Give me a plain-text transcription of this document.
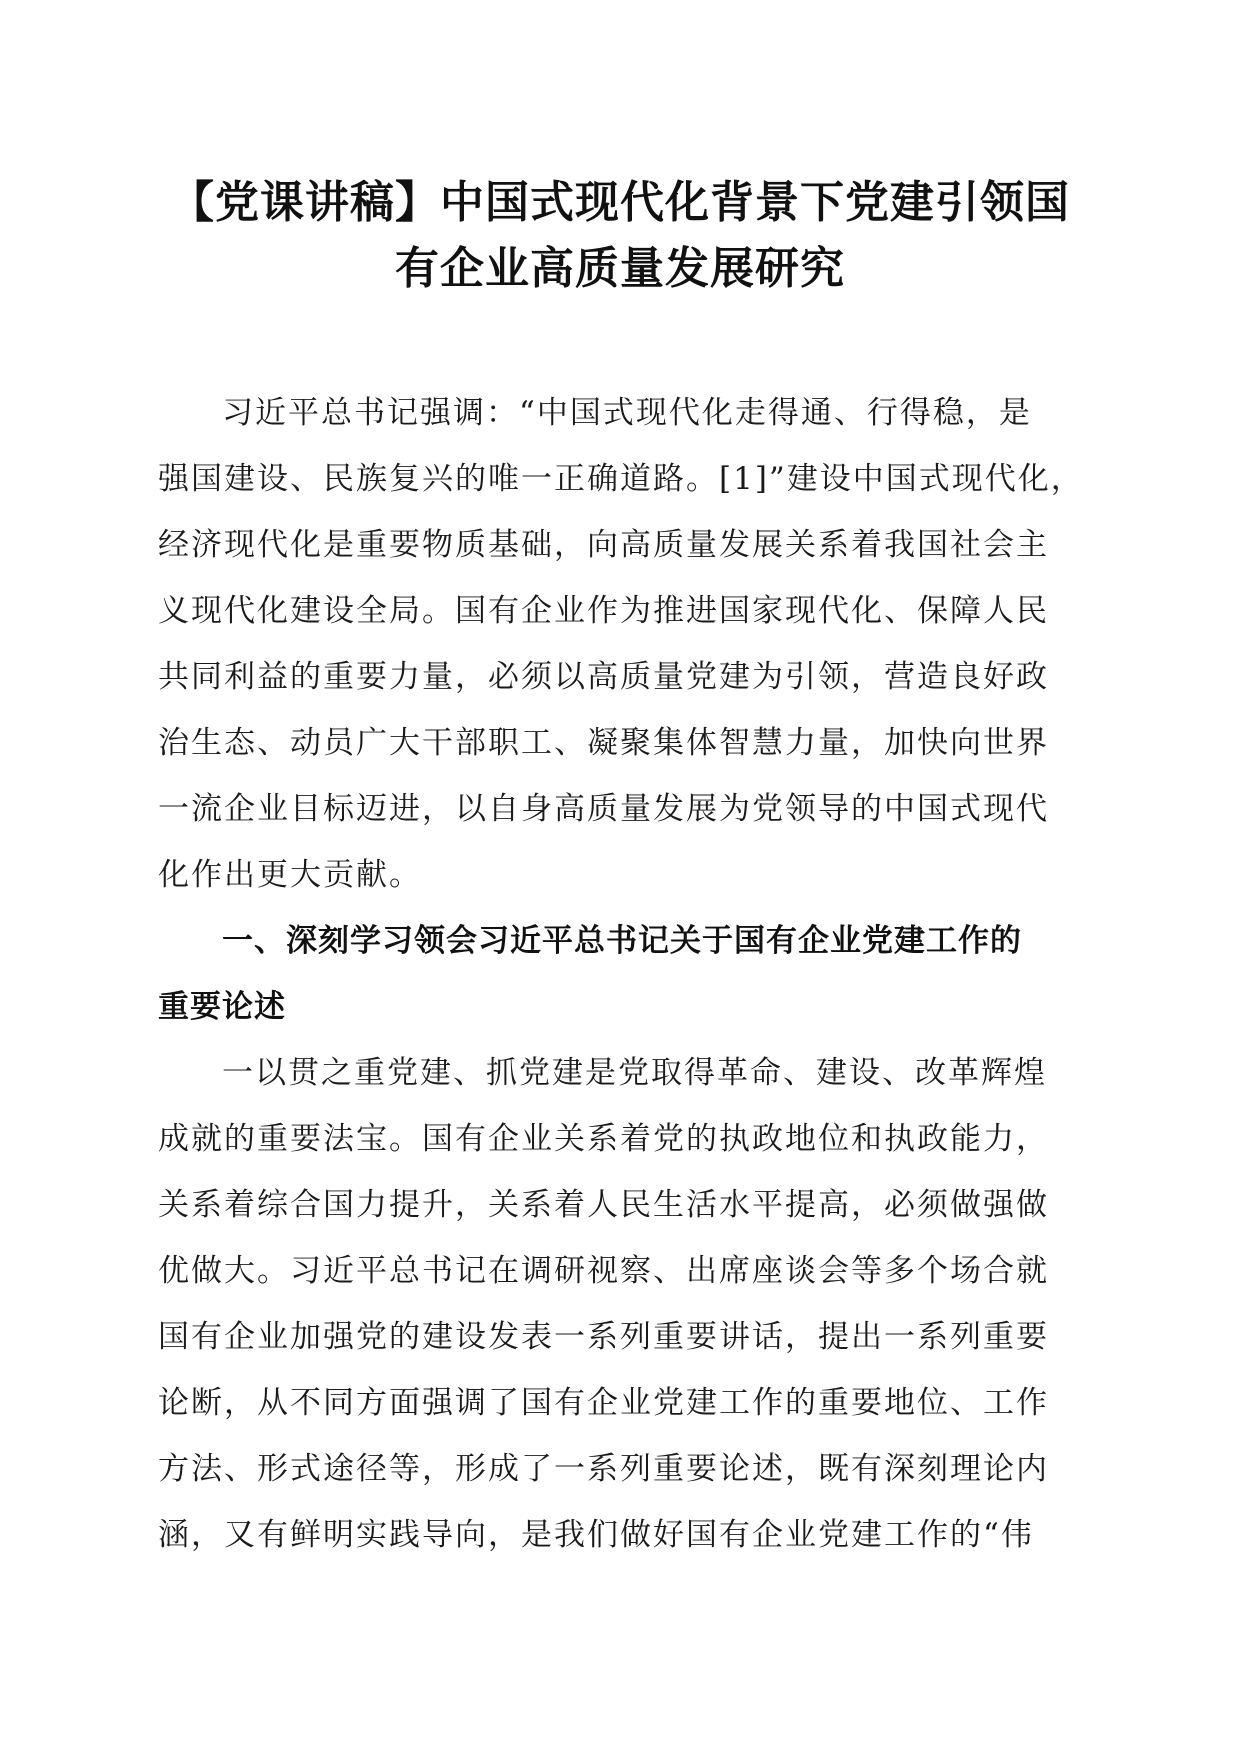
【党课讲稿】中国式现代化背景下党建引领国
有企业高质量发展研究

习近平总书记强调：“中国式现代化走得通、行得稳，是
强国建设、民族复兴的唯一正确道路。[1]”建设中国式现代化，
经济现代化是重要物质基础，向高质量发展关系着我国社会主
义现代化建设全局。国有企业作为推进国家现代化、保障人民
共同利益的重要力量，必须以高质量党建为引领，营造良好政
治生态、动员广大干部职工、凝聚集体智慧力量，加快向世界
一流企业目标迈进，以自身高质量发展为党领导的中国式现代
化作出更大贡献。

一、深刻学习领会习近平总书记关于国有企业党建工作的
重要论述

一以贯之重党建、抓党建是党取得革命、建设、改革辉煌
成就的重要法宝。国有企业关系着党的执政地位和执政能力，
关系着综合国力提升，关系着人民生活水平提高，必须做强做
优做大。习近平总书记在调研视察、出席座谈会等多个场合就
国有企业加强党的建设发表一系列重要讲话，提出一系列重要
论断，从不同方面强调了国有企业党建工作的重要地位、工作
方法、形式途径等，形成了一系列重要论述，既有深刻理论内
涵，又有鲜明实践导向，是我们做好国有企业党建工作的“伟
